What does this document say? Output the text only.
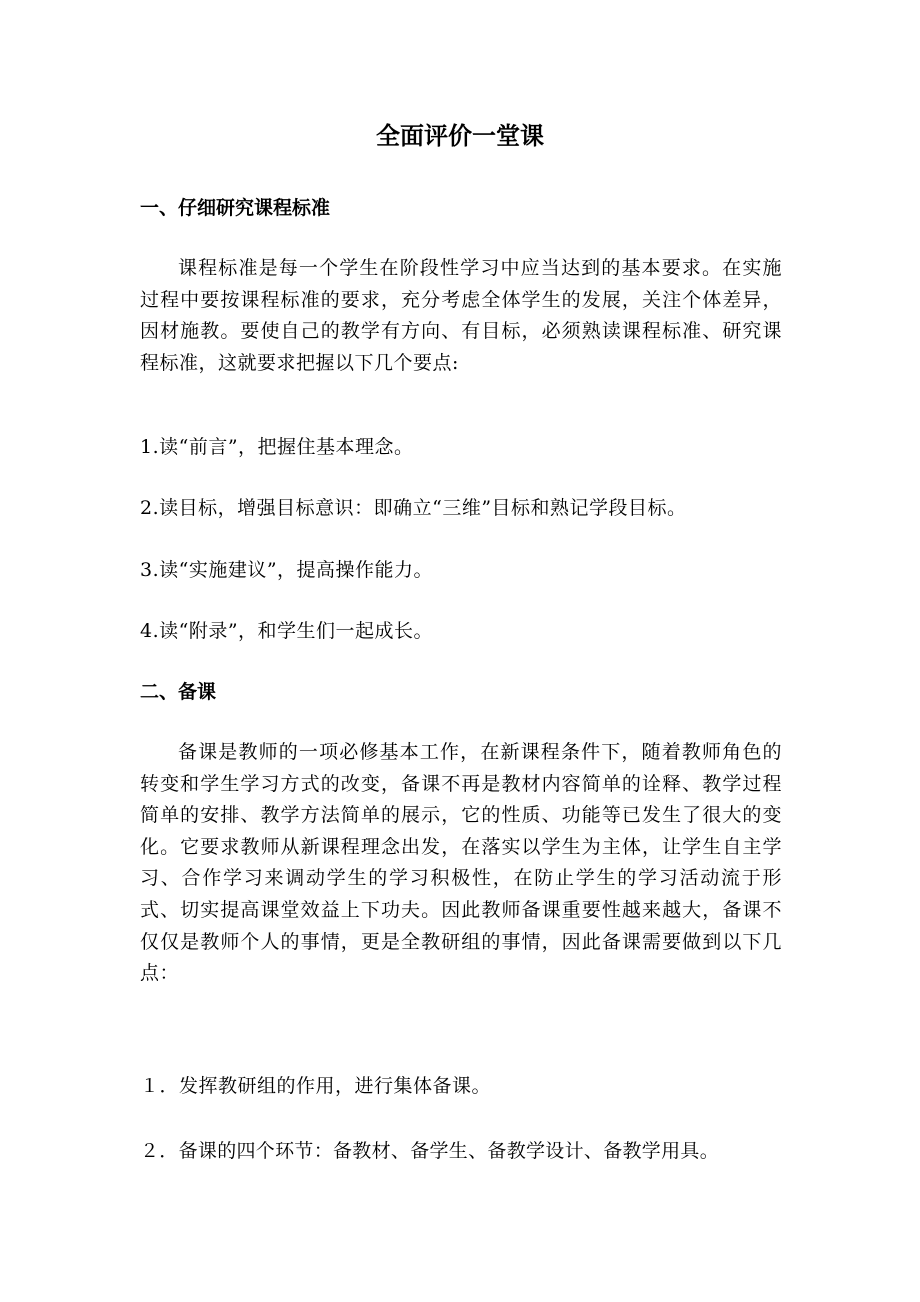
全面评价一堂课
一、仔细研究课程标准
课程标准是每一个学生在阶段性学习中应当达到的基本要求。在实施过程中要按课程标准的要求，充分考虑全体学生的发展，关注个体差异，因材施教。要使自己的教学有方向、有目标，必须熟读课程标准、研究课程标准，这就要求把握以下几个要点:
1.读“前言”，把握住基本理念。
2.读目标，增强目标意识：即确立“三维”目标和熟记学段目标。
3.读“实施建议”，提高操作能力。
4.读“附录”，和学生们一起成长。
二、备课
备课是教师的一项必修基本工作，在新课程条件下，随着教师角色的转变和学生学习方式的改变，备课不再是教材内容简单的诠释、教学过程简单的安排、教学方法简单的展示，它的性质、功能等已发生了很大的变化。它要求教师从新课程理念出发，在落实以学生为主体，让学生自主学习、合作学习来调动学生的学习积极性，在防止学生的学习活动流于形式、切实提高课堂效益上下功夫。因此教师备课重要性越来越大，备课不仅仅是教师个人的事情，更是全教研组的事情，因此备课需要做到以下几点：
１．发挥教研组的作用，进行集体备课。
２．备课的四个环节：备教材、备学生、备教学设计、备教学用具。
